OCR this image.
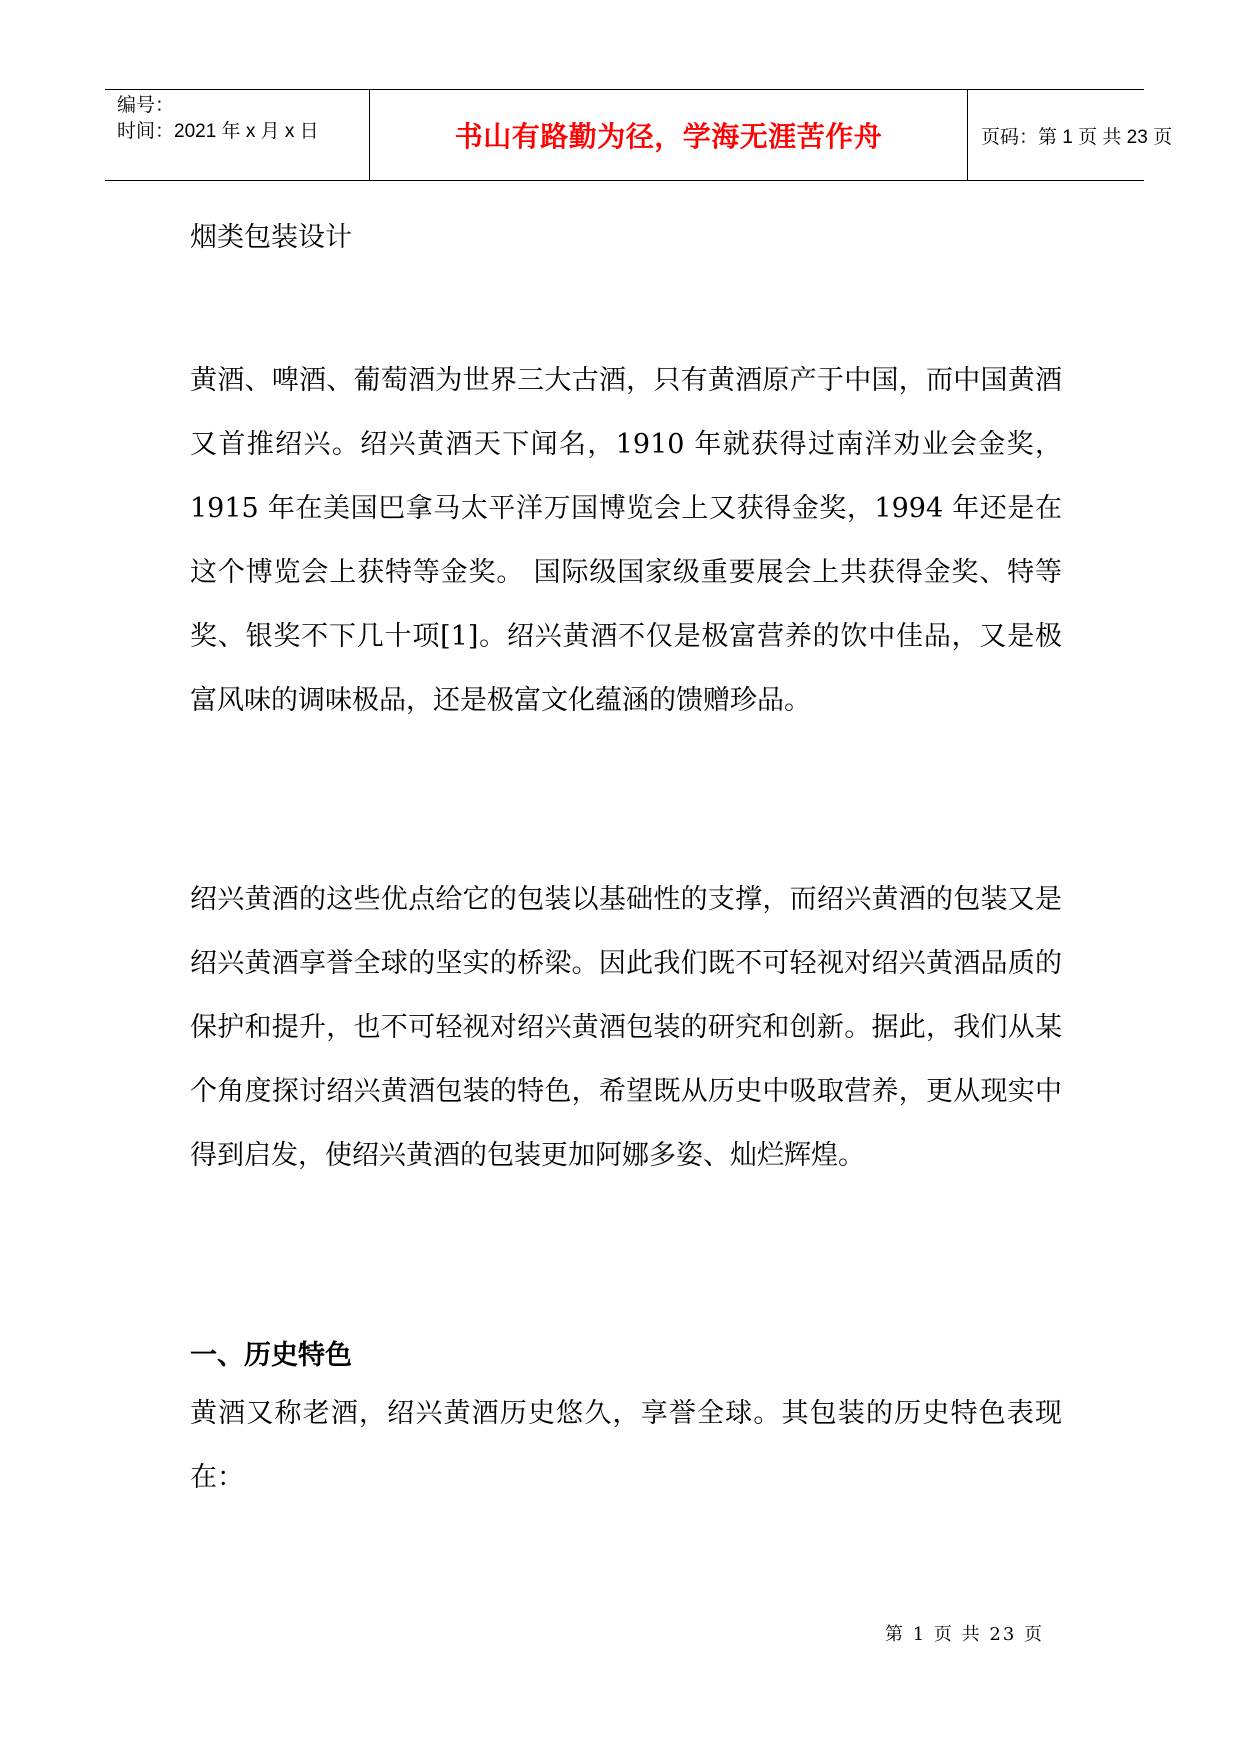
编号：
时间：2021 年 x 月 x 日	书山有路勤为径，学海无涯苦作舟	页码：第 1 页 共 23 页
烟类包装设计
黄酒、啤酒、葡萄酒为世界三大古酒，只有黄酒原产于中国，而中国黄酒又首推绍兴。绍兴黄酒天下闻名，1910 年就获得过南洋劝业会金奖，1915 年在美国巴拿马太平洋万国博览会上又获得金奖，1994 年还是在这个博览会上获特等金奖。 国际级国家级重要展会上共获得金奖、特等奖、银奖不下几十项[1]。绍兴黄酒不仅是极富营养的饮中佳品，又是极富风味的调味极品，还是极富文化蕴涵的馈赠珍品。
绍兴黄酒的这些优点给它的包装以基础性的支撑，而绍兴黄酒的包装又是绍兴黄酒享誉全球的坚实的桥梁。因此我们既不可轻视对绍兴黄酒品质的保护和提升，也不可轻视对绍兴黄酒包装的研究和创新。据此，我们从某个角度探讨绍兴黄酒包装的特色，希望既从历史中吸取营养，更从现实中得到启发，使绍兴黄酒的包装更加阿娜多姿、灿烂辉煌。
一、历史特色
黄酒又称老酒，绍兴黄酒历史悠久，享誉全球。其包装的历史特色表现在：
第 1 页 共 23 页
